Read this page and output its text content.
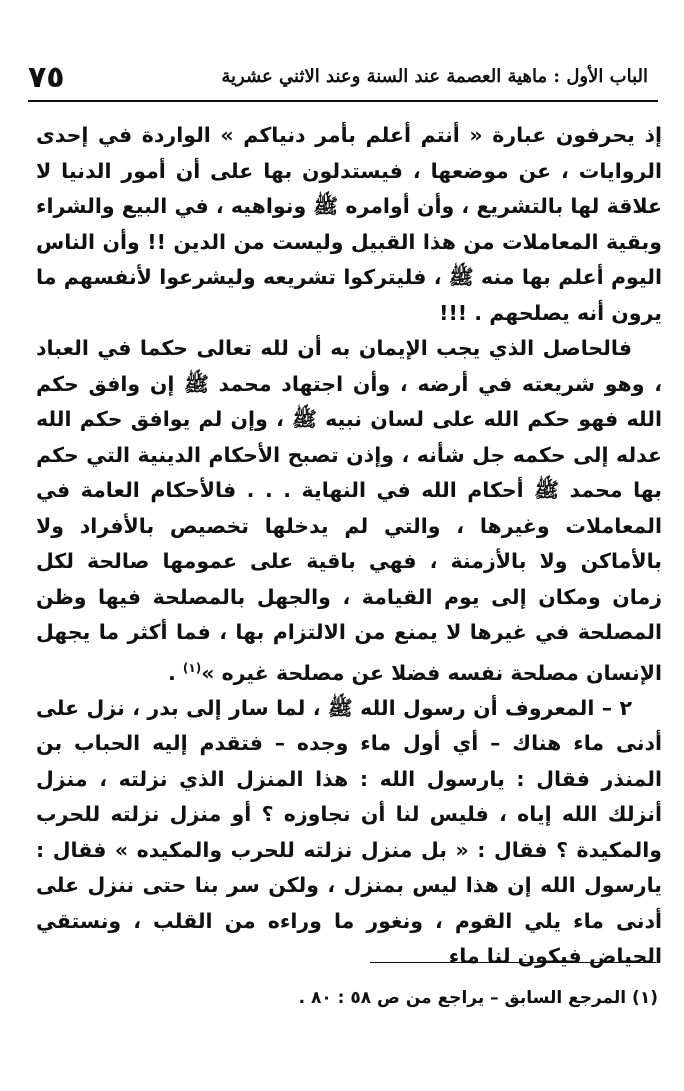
٧٥	الباب الأول : ماهية العصمة عند السنة وعند الاثني عشرية

إذ يحرفون عبارة « أنتم أعلم بأمر دنياكم » الواردة في إحدى الروايات ، عن موضعها ، فيستدلون بها على أن أمور الدنيا لا علاقة لها بالتشريع ، وأن أوامره ﷺ ونواهيه ، في البيع والشراء وبقية المعاملات من هذا القبيل وليست من الدين !! وأن الناس اليوم أعلم بها منه ﷺ ، فليتركوا تشريعه وليشرعوا لأنفسهم ما يرون أنه يصلحهم . !!!

فالحاصل الذي يجب الإيمان به أن لله تعالى حكما في العباد ، وهو شريعته في أرضه ، وأن اجتهاد محمد ﷺ إن وافق حكم الله فهو حكم الله على لسان نبيه ﷺ ، وإن لم يوافق حكم الله عدله إلى حكمه جل شأنه ، وإذن تصبح الأحكام الدينية التي حكم بها محمد ﷺ أحكام الله في النهاية . . . فالأحكام العامة في المعاملات وغيرها ، والتي لم يدخلها تخصيص بالأفراد ولا بالأماكن ولا بالأزمنة ، فهي باقية على عمومها صالحة لكل زمان ومكان إلى يوم القيامة ، والجهل بالمصلحة فيها وظن المصلحة في غيرها لا يمنع من الالتزام بها ، فما أكثر ما يجهل الإنسان مصلحة نفسه فضلا عن مصلحة غيره »$^{(١)}$ .

٢ – المعروف أن رسول الله ﷺ ، لما سار إلى بدر ، نزل على أدنى ماء هناك – أي أول ماء وجده – فتقدم إليه الحباب بن المنذر فقال : يارسول الله : هذا المنزل الذي نزلته ، منزل أنزلك الله إياه ، فليس لنا أن نجاوزه ؟ أو منزل نزلته للحرب والمكيدة ؟ فقال : « بل منزل نزلته للحرب والمكيده » فقال : يارسول الله إن هذا ليس بمنزل ، ولكن سر بنا حتى ننزل على أدنى ماء يلي القوم ، ونغور ما وراءه من القلب ، ونستقي الحياض فيكون لنا ماء

(١) المرجع السابق – يراجع من ص ٥٨ : ٨٠ .
